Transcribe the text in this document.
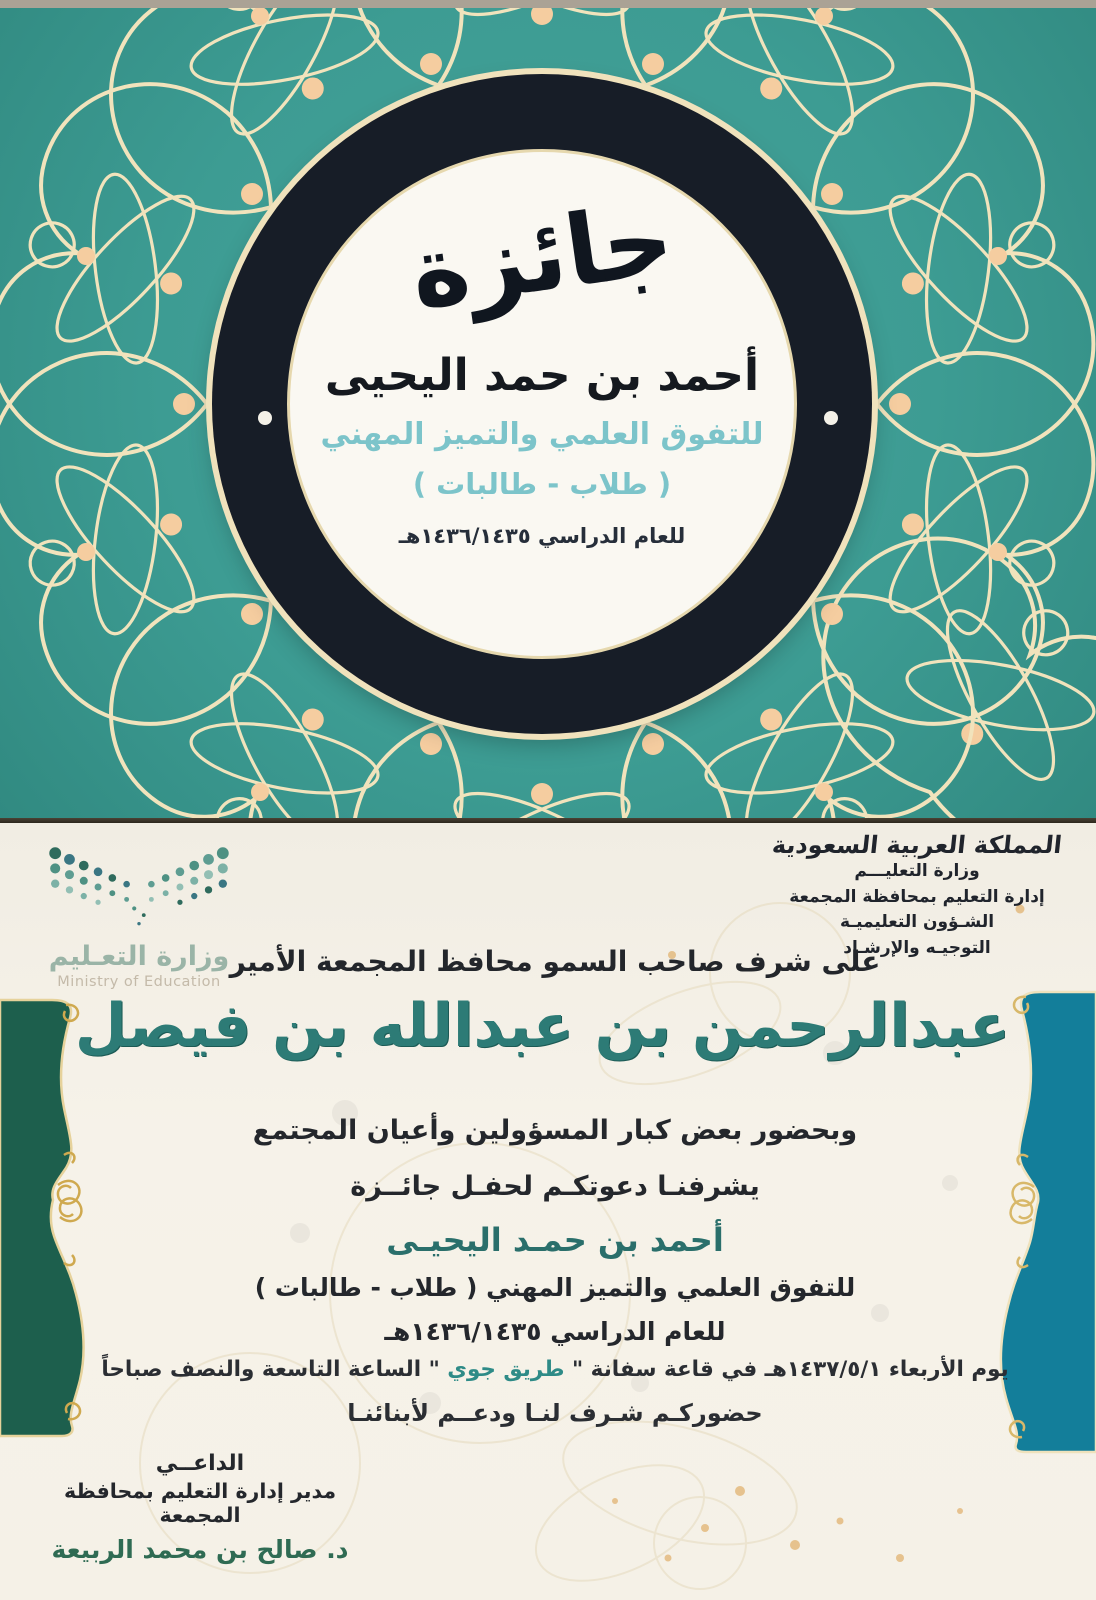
جائزة
أحمد بن حمد اليحيى
للتفوق العلمي والتميز المهني
( طلاب - طالبات )
للعام الدراسي ١٤٣٦/١٤٣٥هـ
وزارة التعـليم
Ministry of Education
المملكة العربية السعودية
وزارة التعليـــم
إدارة التعليم بمحافظة المجمعة
الشـؤون التعليميـة
التوجيـه والإرشـاد
على شرف صاحب السمو محافظ المجمعة الأمير
عبدالرحمن بن عبدالله بن فيصل
وبحضور بعض كبار المسؤولين وأعيان المجتمع
يشرفنـا دعوتكـم لحفـل جائــزة
أحمد بن حمـد اليحيـى
للتفوق العلمي والتميز المهني ( طلاب - طالبات )
للعام الدراسي ١٤٣٦/١٤٣٥هـ
يوم الأربعاء ١٤٣٧/٥/١هـ في قاعة سفانة " طريق جوي " الساعة التاسعة والنصف صباحاً
حضوركـم شـرف لنـا ودعــم لأبنائنـا
الداعــي
مدير إدارة التعليم بمحافظة المجمعة
د. صالح بن محمد الربيعة
